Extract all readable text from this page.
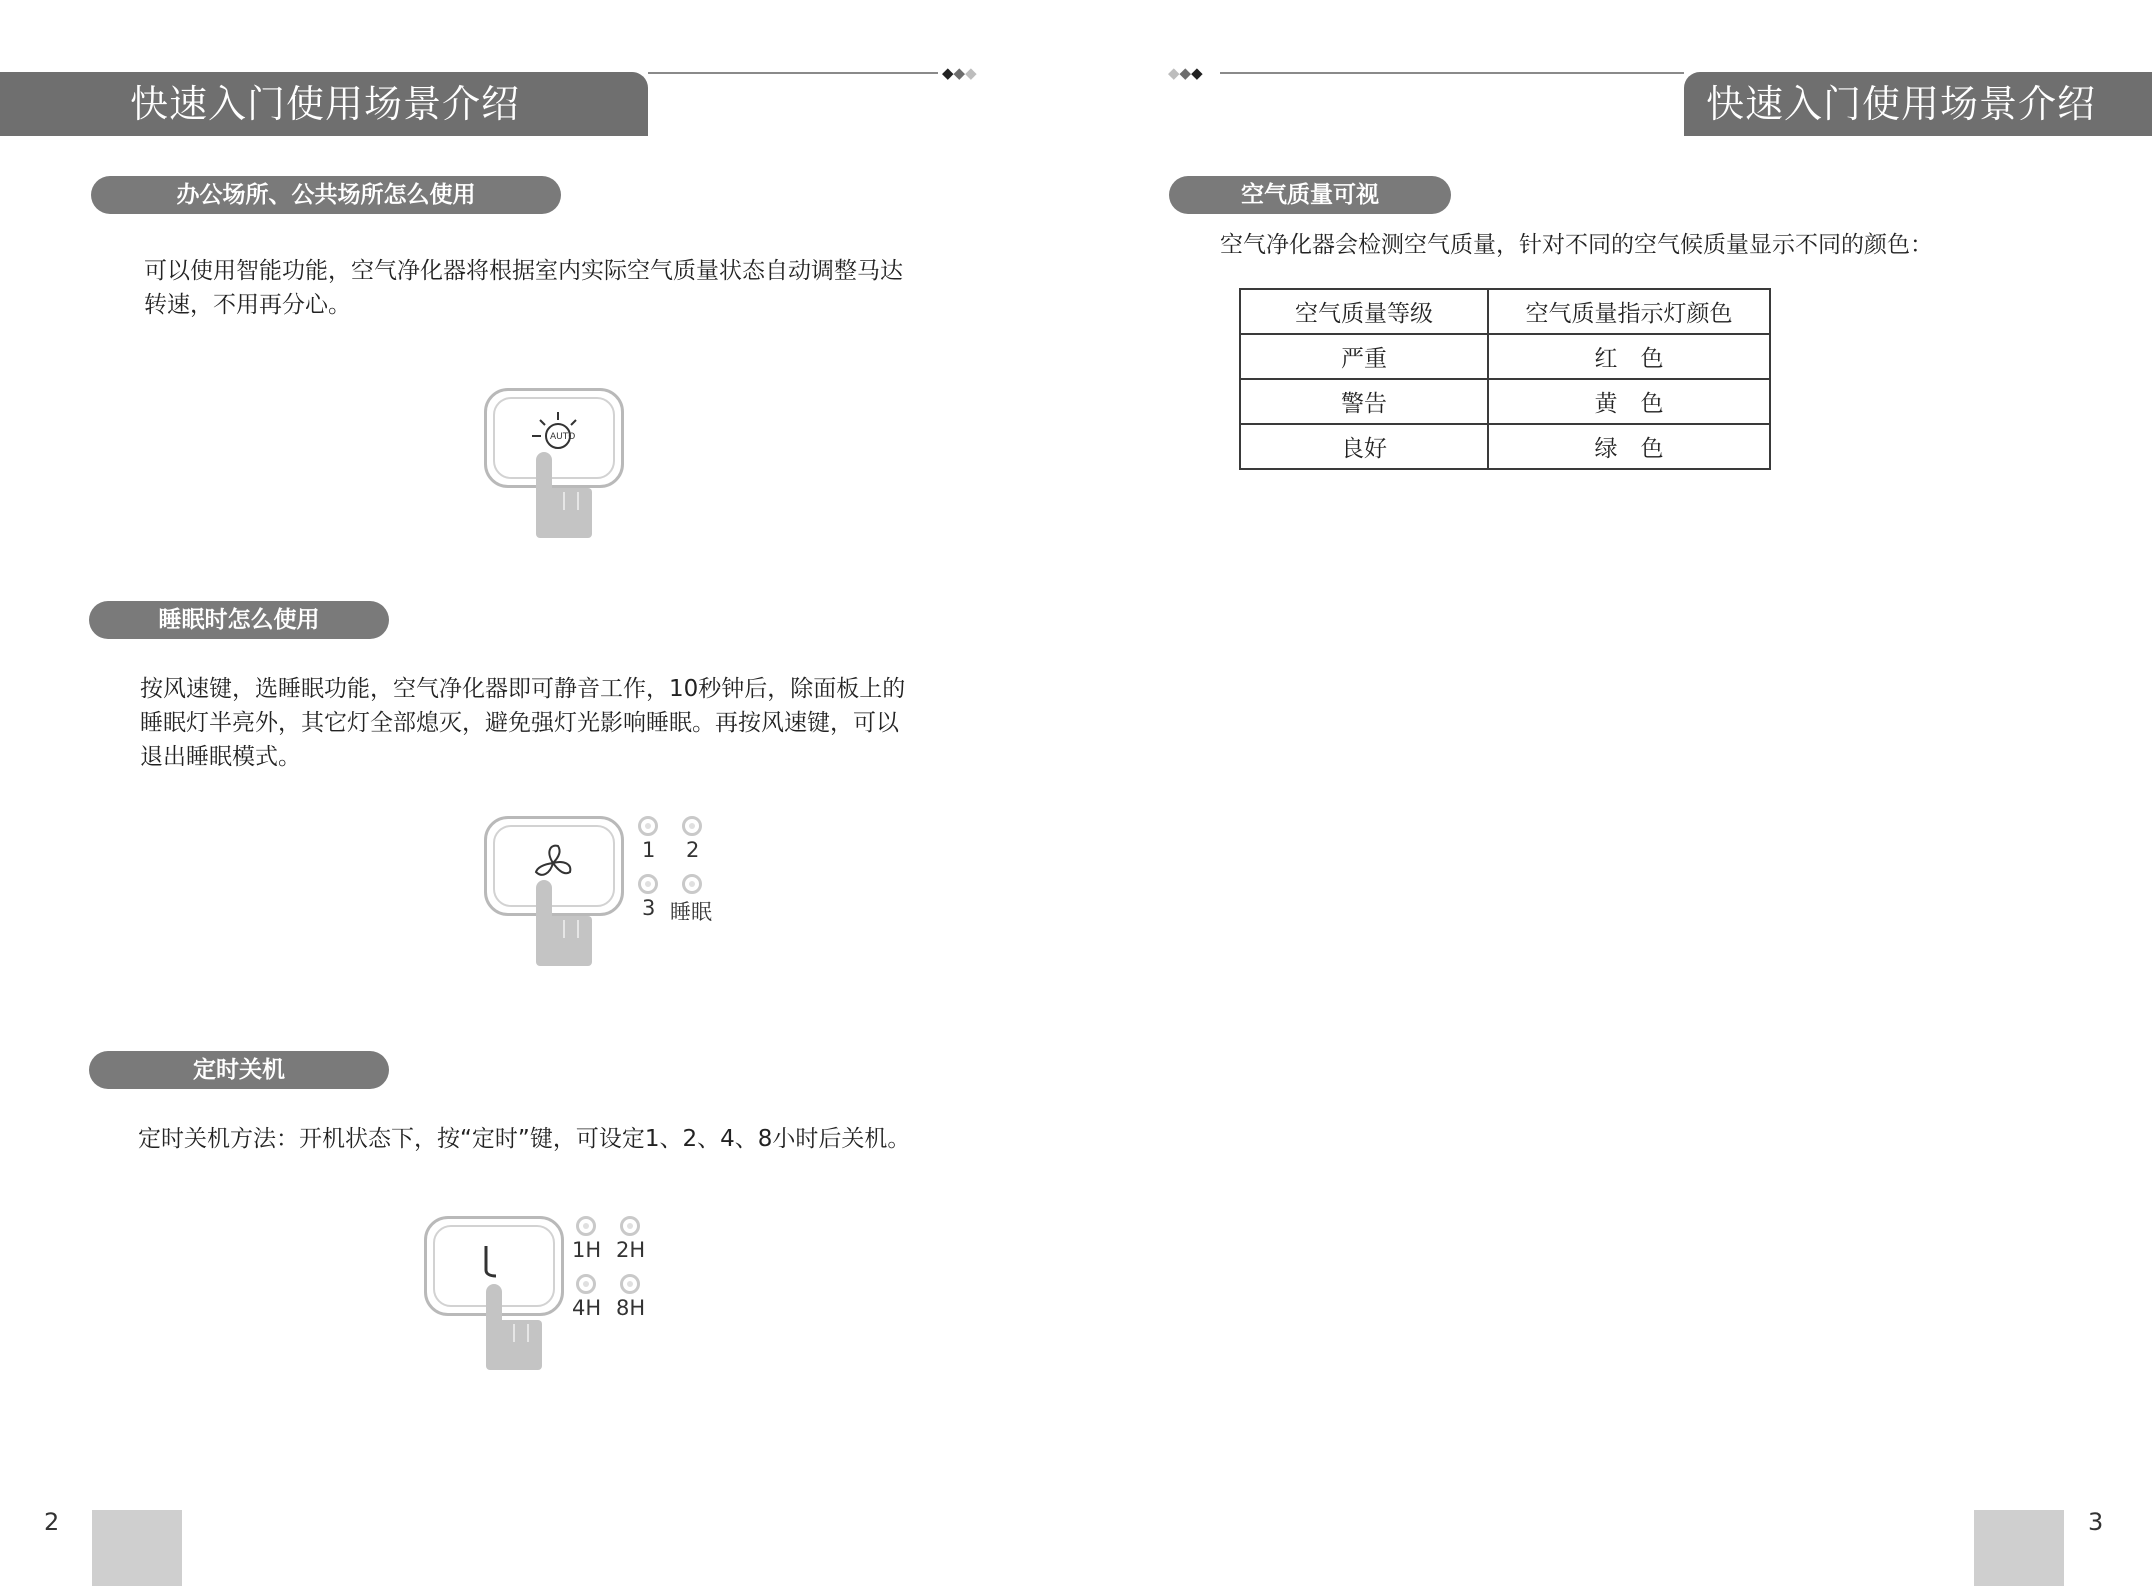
快速入门使用场景介绍
◆◆◆
办公场所、公共场所怎么使用
可以使用智能功能，空气净化器将根据室内实际空气质量状态自动调整马达
转速，不用再分心。
AUTO
睡眠时怎么使用
按风速键，选睡眠功能，空气净化器即可静音工作，10秒钟后，除面板上的
睡眠灯半亮外，其它灯全部熄灭，避免强灯光影响睡眠。再按风速键，可以
退出睡眠模式。
1 2
3 睡眠
定时关机
定时关机方法：开机状态下，按“定时”键，可设定1、2、4、8小时后关机。
1H 2H
4H 8H
2
◆◆◆
快速入门使用场景介绍
空气质量可视
空气净化器会检测空气质量，针对不同的空气候质量显示不同的颜色：
空气质量等级	空气质量指示灯颜色
严重	红　色
警告	黄　色
良好	绿　色
3
